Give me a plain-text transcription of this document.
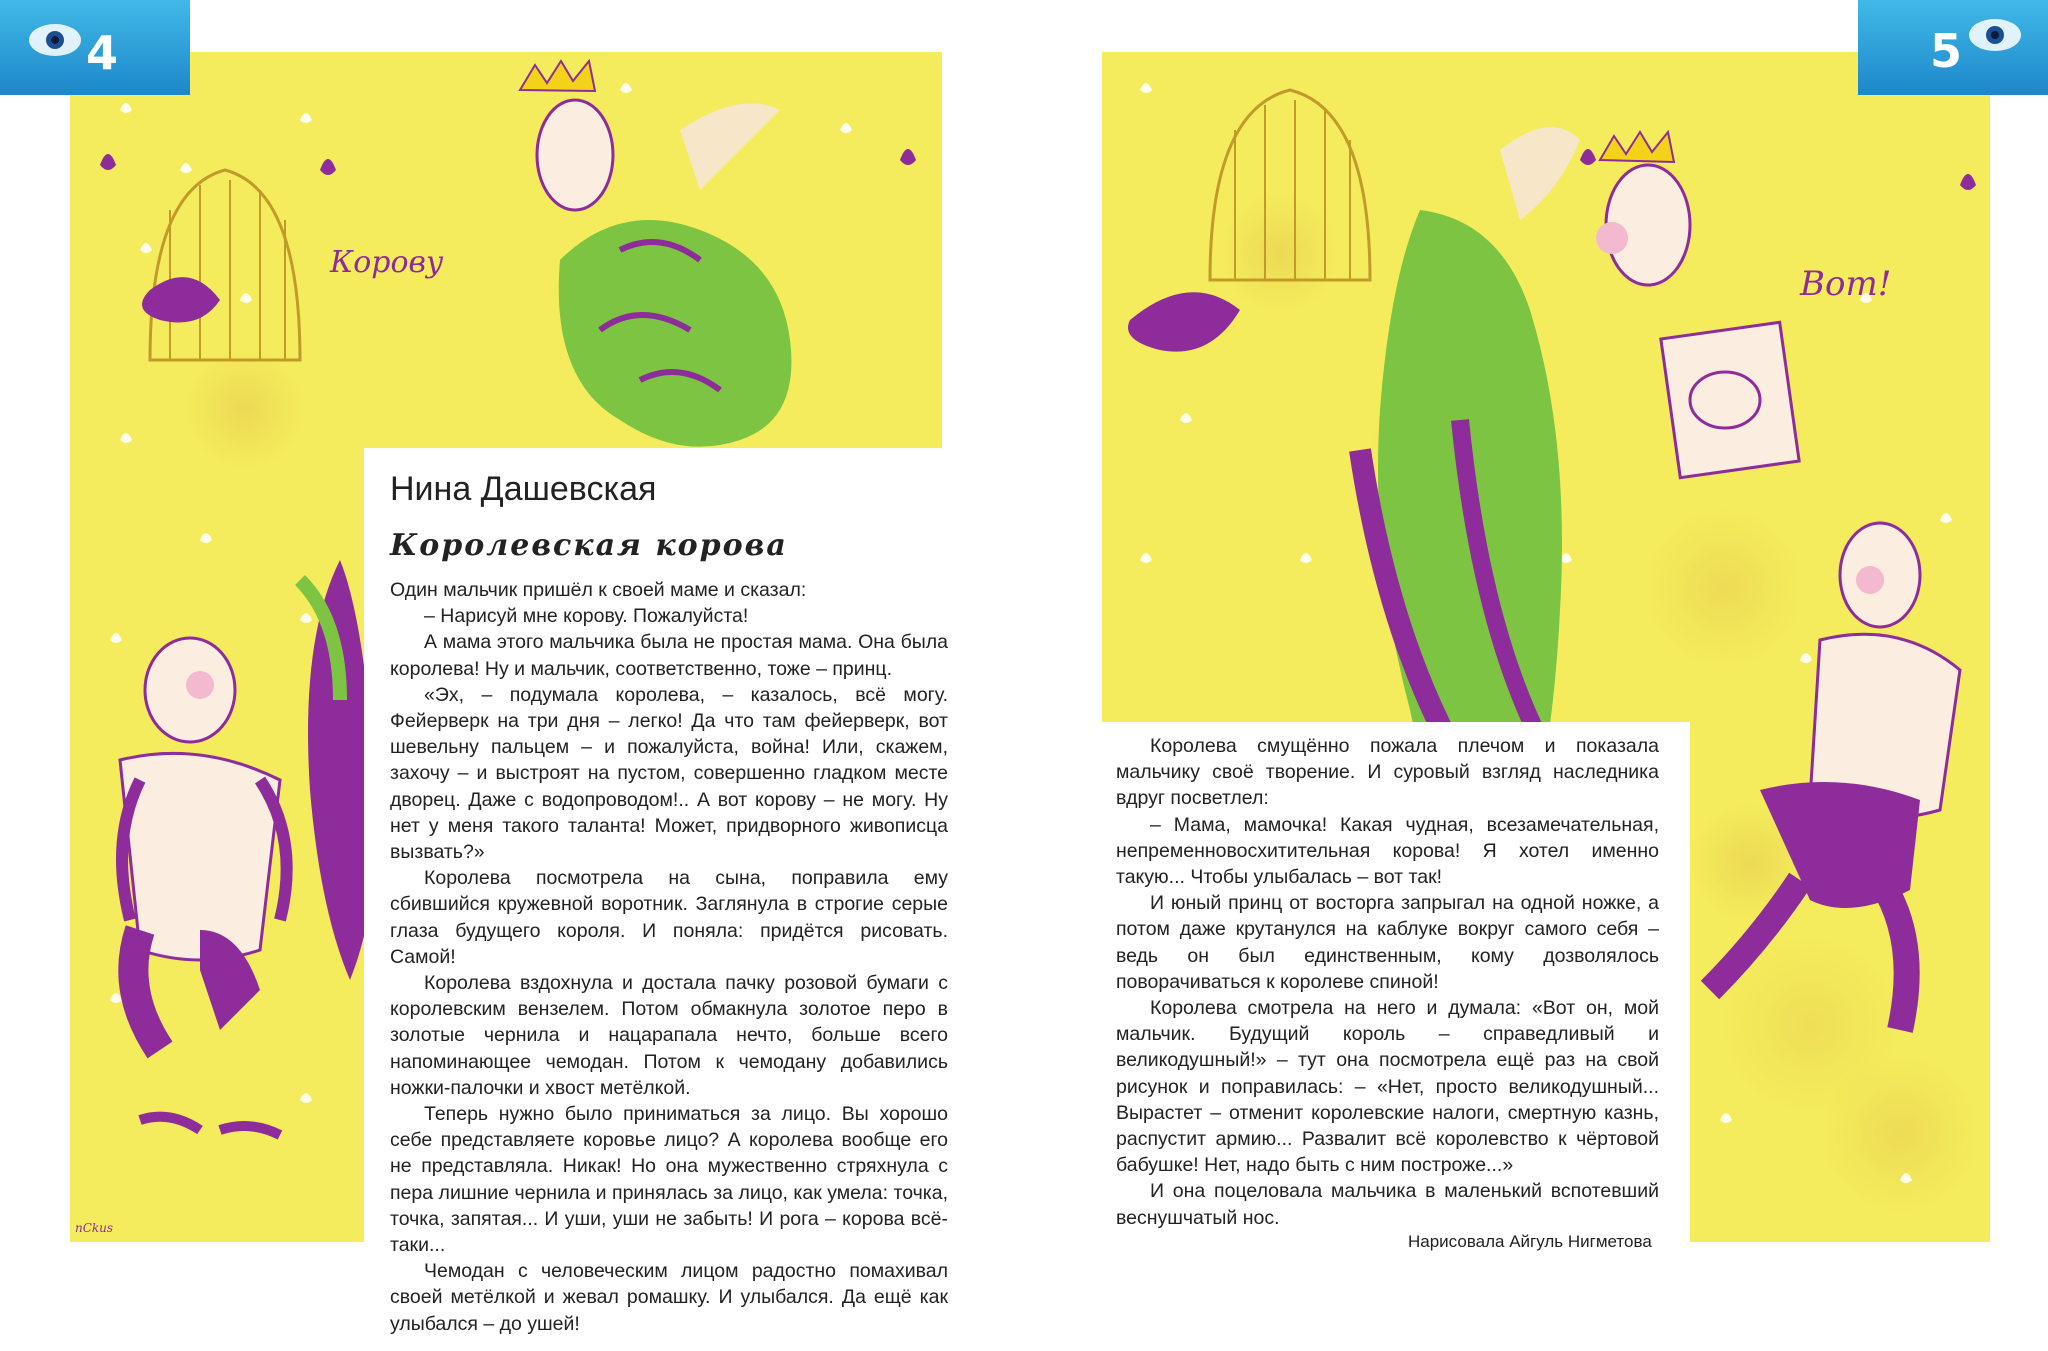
Корову
Вот!
nCkus
4	5
Нина Дашевская
Королевская корова

Один мальчик пришёл к своей маме и сказал:

– Нарисуй мне корову. Пожалуйста!

А мама этого мальчика была не простая мама. Она была королева! Ну и мальчик, соответственно, тоже – принц.

«Эх, – подумала королева, – казалось, всё могу. Фейерверк на три дня – легко! Да что там фейерверк, вот шевельну пальцем – и пожалуйста, война! Или, скажем, захочу – и выстроят на пустом, совершенно гладком месте дворец. Даже с водопроводом!.. А вот корову – не могу. Ну нет у меня такого таланта! Может, придворного живописца вызвать?»

Королева посмотрела на сына, поправила ему сбившийся кружевной воротник. Заглянула в строгие серые глаза будущего короля. И поняла: придётся рисовать. Самой!

Королева вздохнула и достала пачку розовой бумаги с королевским вензелем. Потом обмакнула золотое перо в золотые чернила и нацарапала нечто, больше всего напоминающее чемодан. Потом к чемодану добавились ножки-палочки и хвост метёлкой.

Теперь нужно было приниматься за лицо. Вы хорошо себе представляете коровье лицо? А королева вообще его не представляла. Никак! Но она мужественно стряхнула с пера лишние чернила и принялась за лицо, как умела: точка, точка, запятая... И уши, уши не забыть! И рога – корова всё-таки...

Чемодан с человеческим лицом радостно помахивал своей метёлкой и жевал ромашку. И улыбался. Да ещё как улыбался – до ушей!

Королева смущённо пожала плечом и показала мальчику своё творение. И суровый взгляд наследника вдруг посветлел:

– Мама, мамочка! Какая чудная, всезамечательная, непременновосхитительная корова! Я хотел именно такую... Чтобы улыбалась – вот так!

И юный принц от восторга запрыгал на одной ножке, а потом даже крутанулся на каблуке вокруг самого себя – ведь он был единственным, кому дозволялось поворачиваться к королеве спиной!

Королева смотрела на него и думала: «Вот он, мой мальчик. Будущий король – справедливый и великодушный!» – тут она посмотрела ещё раз на свой рисунок и поправилась: – «Нет, просто великодушный... Вырастет – отменит королевские налоги, смертную казнь, распустит армию... Развалит всё королевство к чёртовой бабушке! Нет, надо быть с ним построже...»

И она поцеловала мальчика в маленький вспотевший веснушчатый нос.

Нарисовала Айгуль Нигметова
